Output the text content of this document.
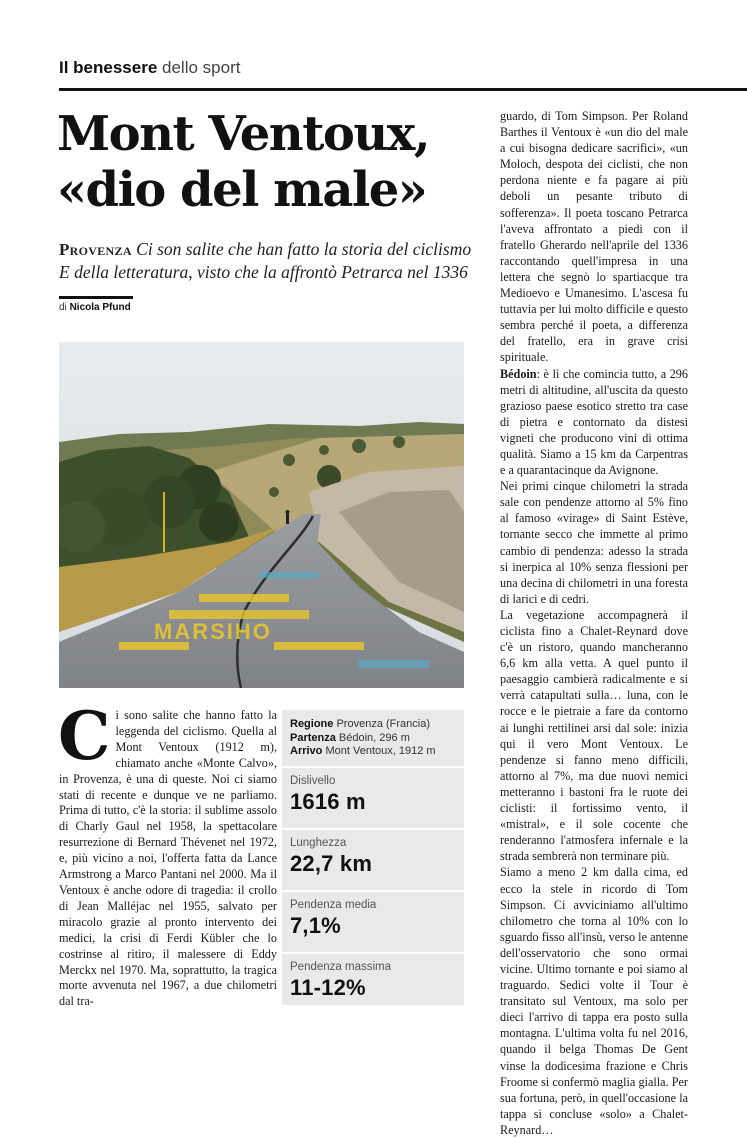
Il benessere dello sport
Mont Ventoux,
«dio del male»
Provenza Ci son salite che han fatto la storia del ciclismo E della letteratura, visto che la affrontò Petrarca nel 1336
di Nicola Pfund
MARSIHO
Ci sono salite che hanno fatto la leggenda del ciclismo. Quella al Mont Ventoux (1912 m), chiamato anche «Monte Calvo», in Provenza, è una di queste. Noi ci siamo stati di recente e dunque ve ne parliamo. Prima di tutto, c'è la storia: il sublime assolo di Charly Gaul nel 1958, la spettacolare resurrezione di Bernard Thévenet nel 1972, e, più vicino a noi, l'offerta fatta da Lance Armstrong a Marco Pantani nel 2000. Ma il Ventoux è anche odore di tragedia: il crollo di Jean Malléjac nel 1955, salvato per miracolo grazie al pronto intervento dei medici, la crisi di Ferdi Kübler che lo costrinse al ritiro, il malessere di Eddy Merckx nel 1970. Ma, soprattutto, la tragica morte avvenuta nel 1967, a due chilometri dal tra-
Regione Provenza (Francia)
Partenza Bédoin, 296 m
Arrivo Mont Ventoux, 1912 m
Dislivello
1616 m
Lunghezza
22,7 km
Pendenza media
7,1%
Pendenza massima
11-12%

guardo, di Tom Simpson. Per Roland Barthes il Ventoux è «un dio del male a cui bisogna dedicare sacrifici», «un Moloch, despota dei ciclisti, che non perdona niente e fa pagare ai più deboli un pesante tributo di sofferenza». Il poeta toscano Petrarca l'aveva affrontato a piedi con il fratello Gherardo nell'aprile del 1336 raccontando quell'impresa in una lettera che segnò lo spartiacque tra Medioevo e Umanesimo. L'ascesa fu tuttavia per lui molto difficile e questo sembra perché il poeta, a differenza del fratello, era in grave crisi spirituale.

Bédoin: è lì che comincia tutto, a 296 metri di altitudine, all'uscita da questo grazioso paese esotico stretto tra case di pietra e contornato da distesi vigneti che producono vini di ottima qualità. Siamo a 15 km da Carpentras e a quarantacinque da Avignone.

Nei primi cinque chilometri la strada sale con pendenze attorno al 5% fino al famoso «virage» di Saint Estève, tornante secco che immette al primo cambio di pendenza: adesso la strada si inerpica al 10% senza flessioni per una decina di chilometri in una foresta di larici e di cedri.

La vegetazione accompagnerà il ciclista fino a Chalet-Reynard dove c'è un ristoro, quando mancheranno 6,6 km alla vetta. A quel punto il paesaggio cambierà radicalmente e si verrà catapultati sulla… luna, con le rocce e le pietraie a fare da contorno ai lunghi rettilinei arsi dal sole: inizia qui il vero Mont Ventoux. Le pendenze si fanno meno difficili, attorno al 7%, ma due nuovi nemici metteranno i bastoni fra le ruote dei ciclisti: il fortissimo vento, il «mistral», e il sole cocente che renderanno l'atmosfera infernale e la strada sembrerà non terminare più.

Siamo a meno 2 km dalla cima, ed ecco la stele in ricordo di Tom Simpson. Ci avviciniamo all'ultimo chilometro che torna al 10% con lo sguardo fisso all'insù, verso le antenne dell'osservatorio che sono ormai vicine. Ultimo tornante e poi siamo al traguardo. Sedici volte il Tour è transitato sul Ventoux, ma solo per dieci l'arrivo di tappa era posto sulla montagna. L'ultima volta fu nel 2016, quando il belga Thomas De Gent vinse la dodicesima frazione e Chris Froome si confermò maglia gialla. Per sua fortuna, però, in quell'occasione la tappa si concluse «solo» a Chalet-Reynard…
